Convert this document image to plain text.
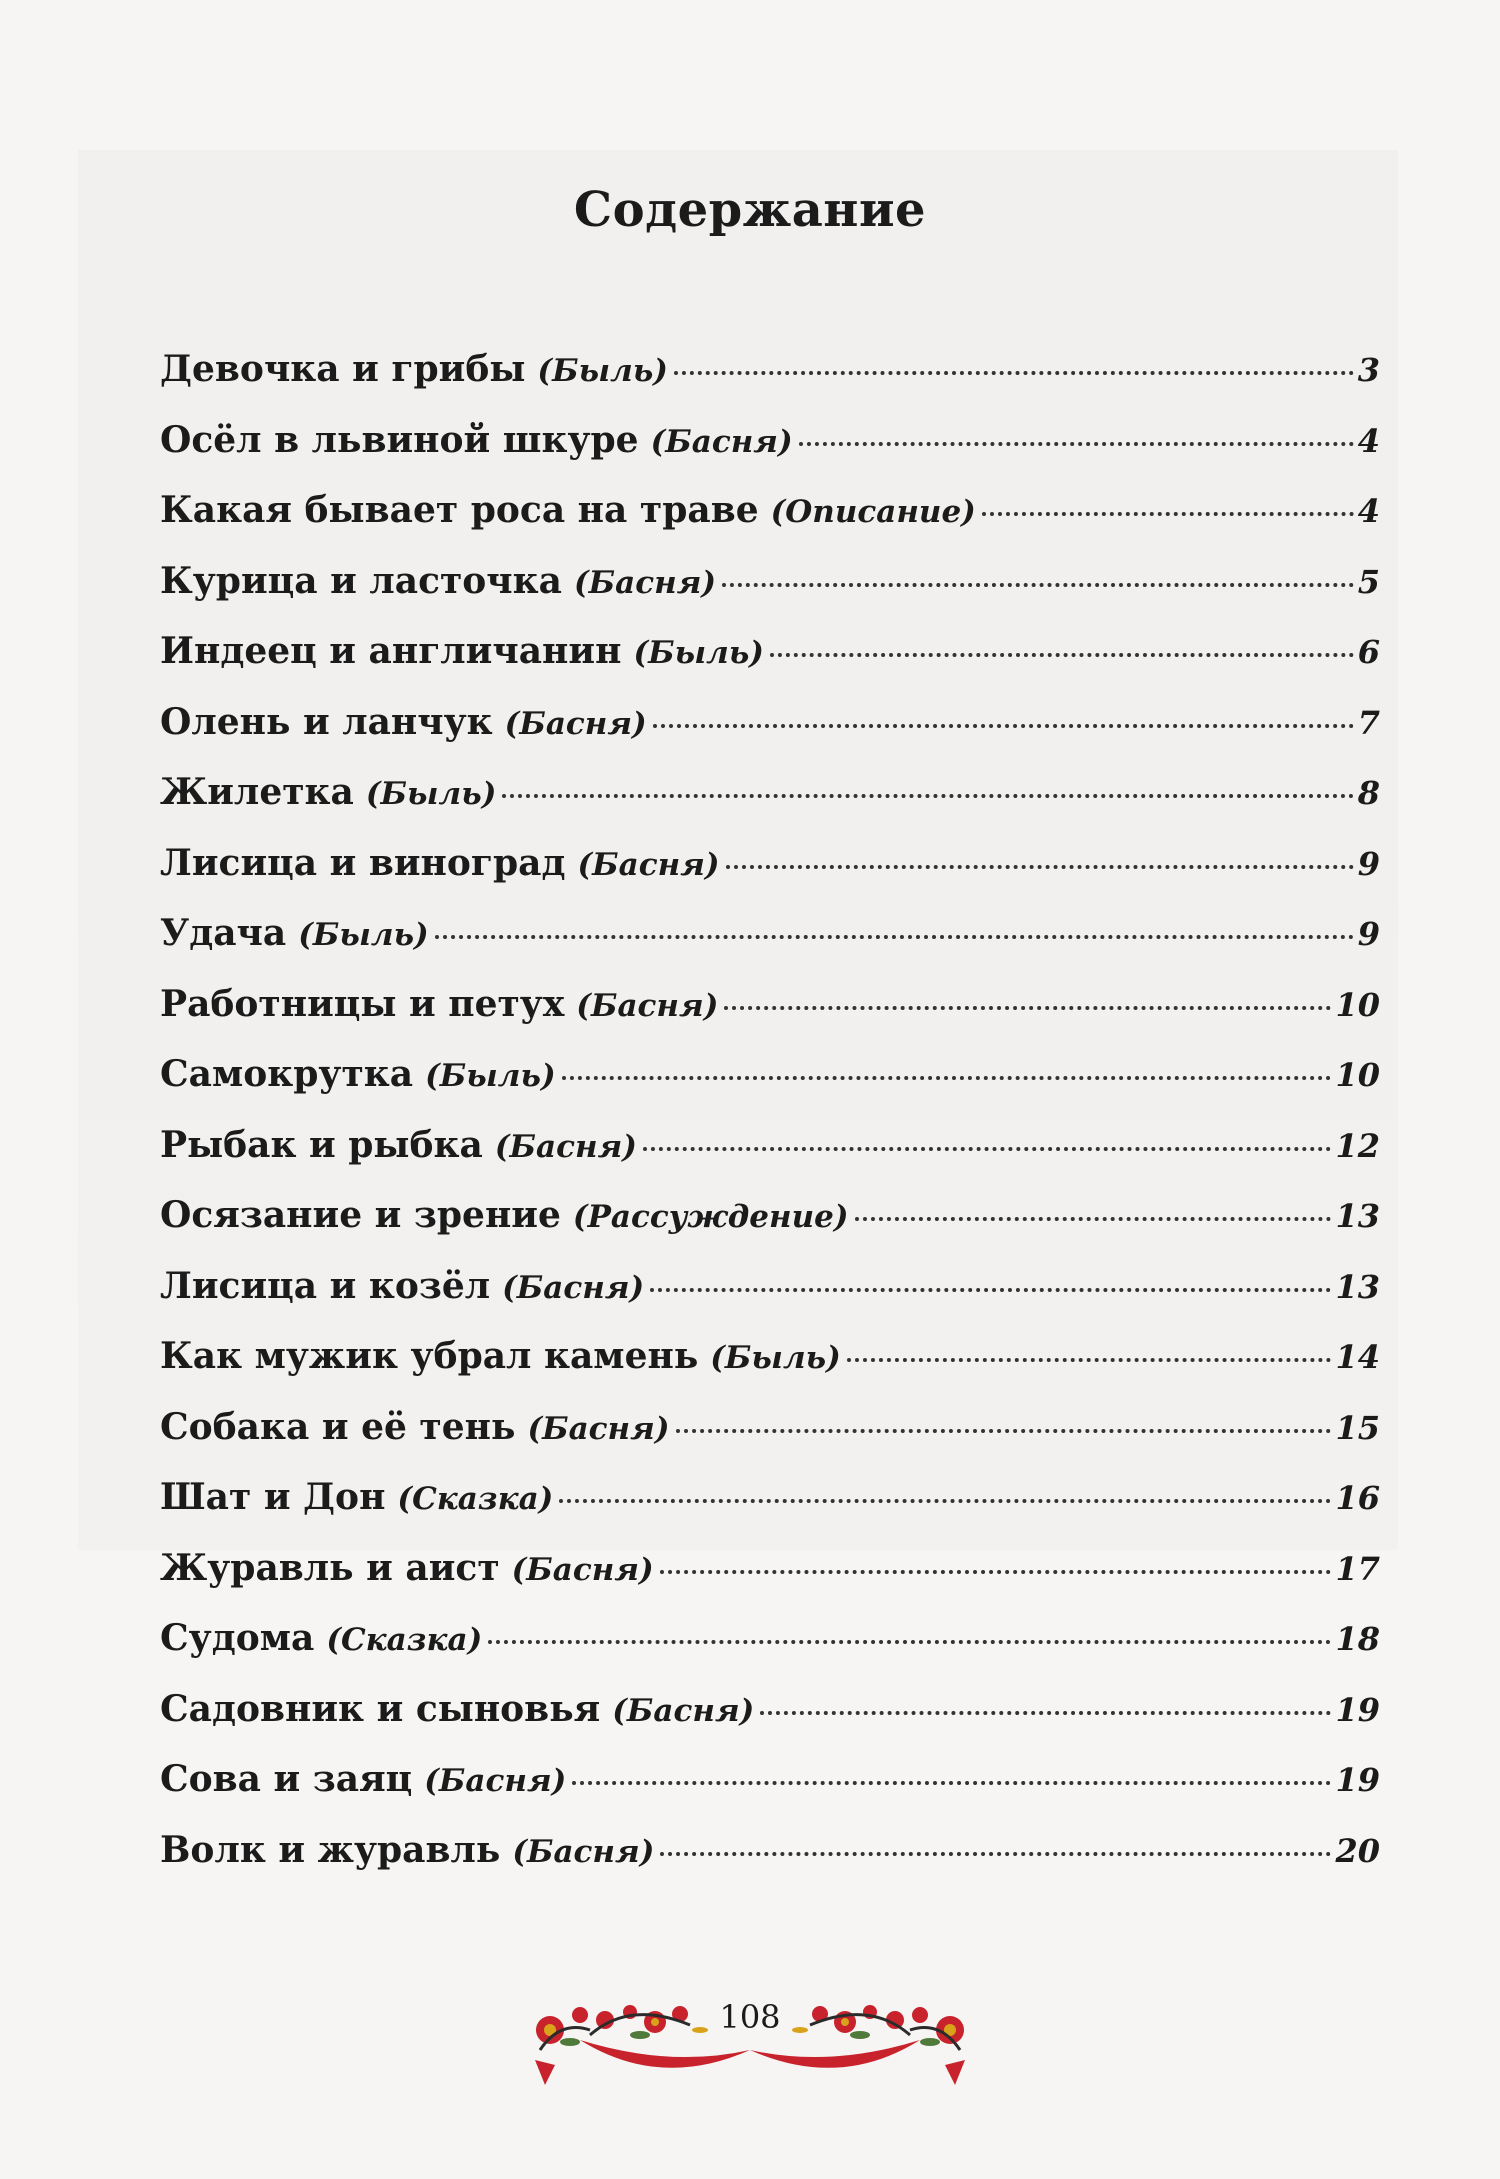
Содержание
Девочка и грибы (Быль)	3
Осёл в львиной шкуре (Басня)	4
Какая бывает роса на траве (Описание)	4
Курица и ласточка (Басня)	5
Индеец и англичанин (Быль)	6
Олень и ланчук (Басня)	7
Жилетка (Быль)	8
Лисица и виноград (Басня)	9
Удача (Быль)	9
Работницы и петух (Басня)	10
Самокрутка (Быль)	10
Рыбак и рыбка (Басня)	12
Осязание и зрение (Рассуждение)	13
Лисица и козёл (Басня)	13
Как мужик убрал камень (Быль)	14
Собака и её тень (Басня)	15
Шат и Дон (Сказка)	16
Журавль и аист (Басня)	17
Судома (Сказка)	18
Садовник и сыновья (Басня)	19
Сова и заяц (Басня)	19
Волк и журавль (Басня)	20
108
